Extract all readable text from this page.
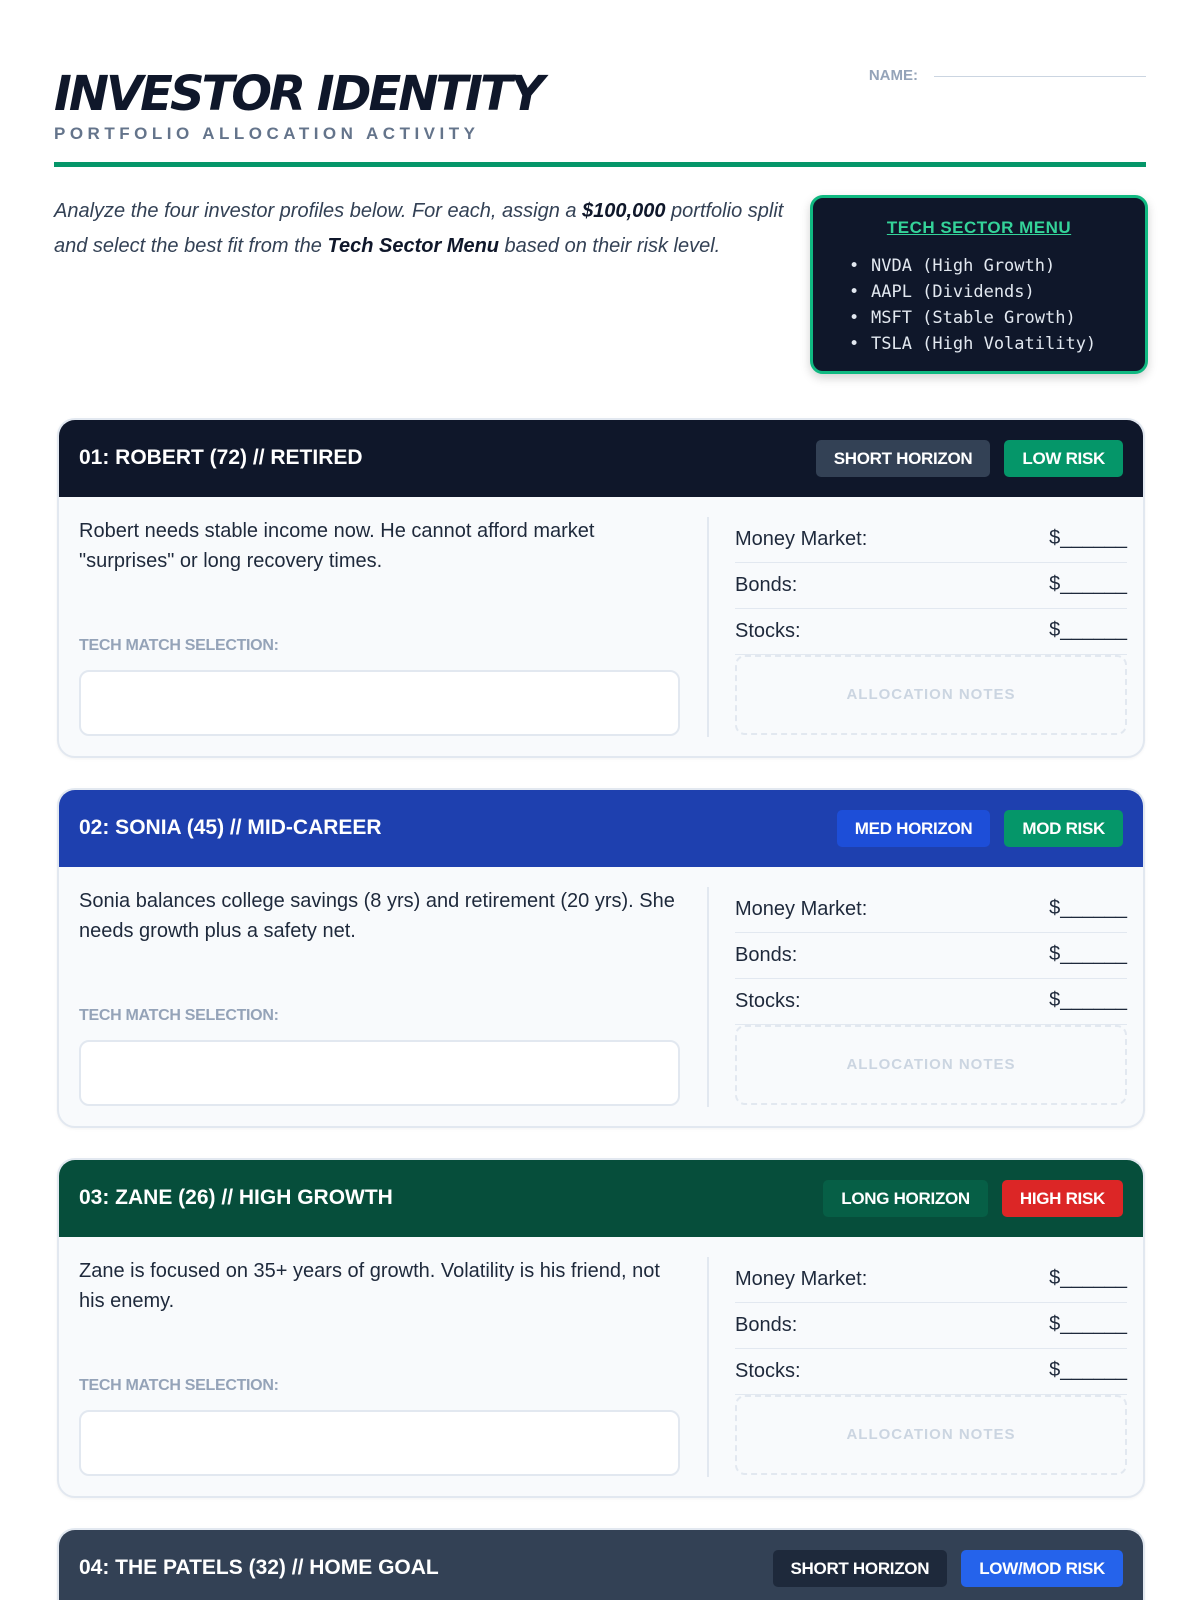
INVESTOR IDENTITY
PORTFOLIO ALLOCATION ACTIVITY
NAME:

Analyze the four investor profiles below. For each, assign a $100,000 portfolio split and select the best fit from the Tech Sector Menu based on their risk level.

TECH SECTOR MENU
• NVDA (High Growth)
• AAPL (Dividends)
• MSFT (Stable Growth)
• TSLA (High Volatility)
01: ROBERT (72) // RETIRED	SHORT HORIZON	LOW RISK
Robert needs stable income now. He cannot afford market "surprises" or long recovery times.
TECH MATCH SELECTION:
Money Market:	$______
Bonds:	$______
Stocks:	$______
ALLOCATION NOTES
02: SONIA (45) // MID-CAREER	MED HORIZON	MOD RISK
Sonia balances college savings (8 yrs) and retirement (20 yrs). She needs growth plus a safety net.
TECH MATCH SELECTION:
Money Market:	$______
Bonds:	$______
Stocks:	$______
ALLOCATION NOTES
03: ZANE (26) // HIGH GROWTH	LONG HORIZON	HIGH RISK
Zane is focused on 35+ years of growth. Volatility is his friend, not his enemy.
TECH MATCH SELECTION:
Money Market:	$______
Bonds:	$______
Stocks:	$______
ALLOCATION NOTES
04: THE PATELS (32) // HOME GOAL	SHORT HORIZON	LOW/MOD RISK
